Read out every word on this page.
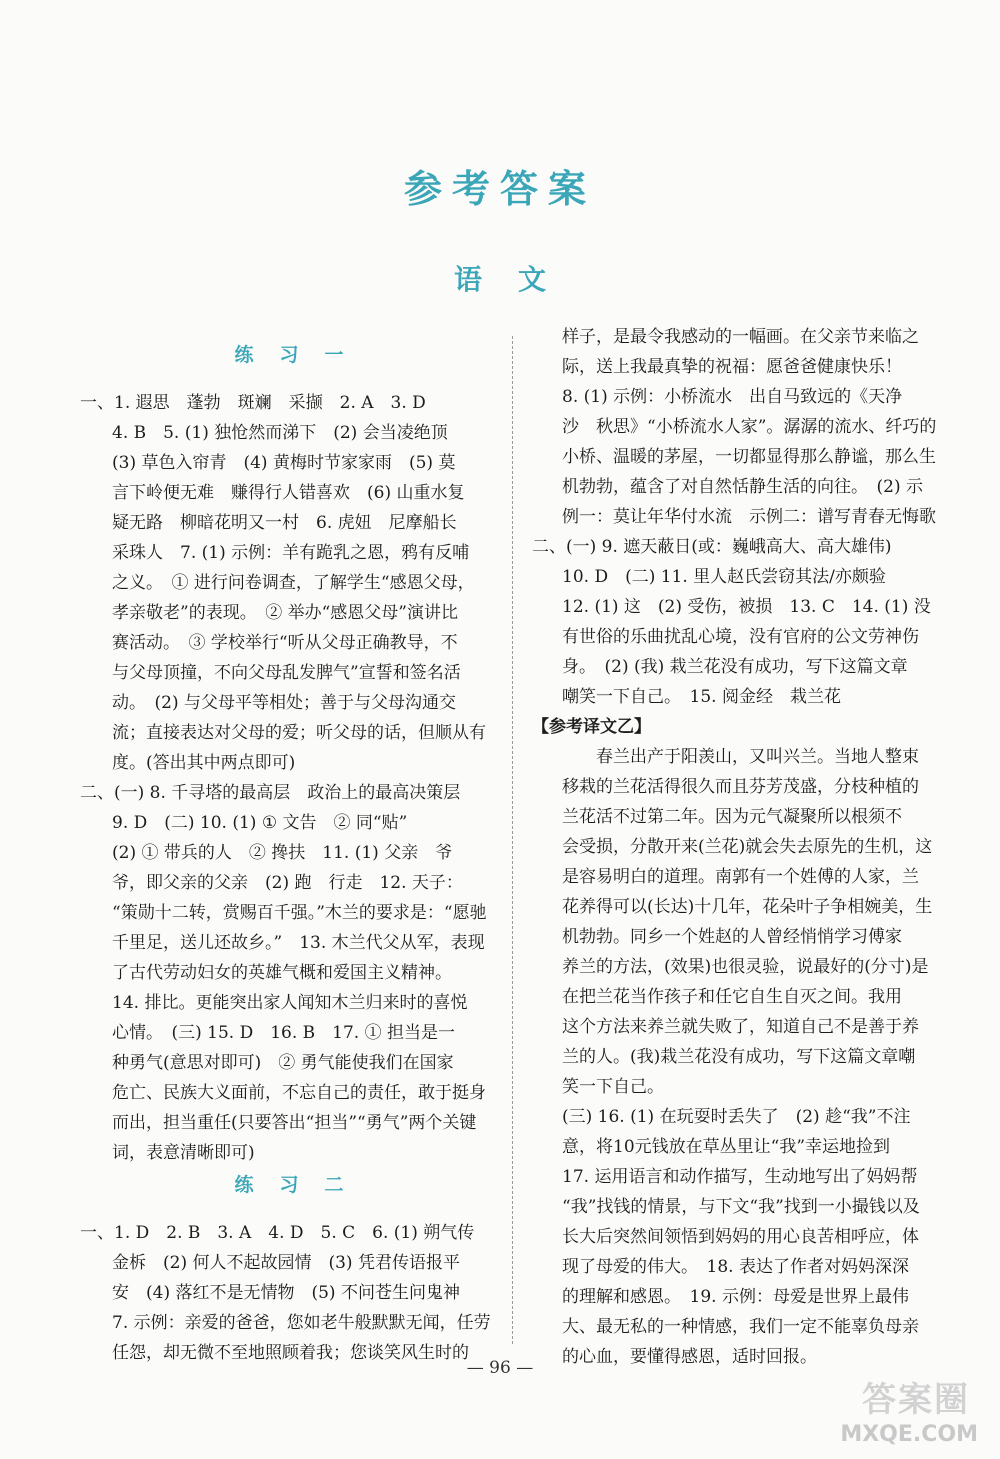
参考答案
语文
练习一
一、1. 遐思　蓬勃　斑斓　采撷　2. A　3. D
4. B　5. (1) 独怆然而涕下　(2) 会当凌绝顶
(3) 草色入帘青　(4) 黄梅时节家家雨　(5) 莫
言下岭便无难　赚得行人错喜欢　(6) 山重水复
疑无路　柳暗花明又一村　6. 虎妞　尼摩船长
采珠人　7. (1) 示例：羊有跪乳之恩，鸦有反哺
之义。　① 进行问卷调查，了解学生“感恩父母，
孝亲敬老”的表现。　② 举办“感恩父母”演讲比
赛活动。　③ 学校举行“听从父母正确教导，不
与父母顶撞，不向父母乱发脾气”宣誓和签名活
动。　(2) 与父母平等相处；善于与父母沟通交
流；直接表达对父母的爱；听父母的话，但顺从有
度。(答出其中两点即可)
二、(一) 8. 千寻塔的最高层　政治上的最高决策层
9. D　(二) 10. (1) ① 文告　② 同“贴”
(2) ① 带兵的人　② 搀扶　11. (1) 父亲　爷
爷，即父亲的父亲　(2) 跑　行走　12. 天子：
“策勋十二转，赏赐百千强。”木兰的要求是：“愿驰
千里足，送儿还故乡。”　13. 木兰代父从军，表现
了古代劳动妇女的英雄气概和爱国主义精神。
14. 排比。更能突出家人闻知木兰归来时的喜悦
心情。　(三) 15. D　16. B　17. ① 担当是一
种勇气(意思对即可)　② 勇气能使我们在国家
危亡、民族大义面前，不忘自己的责任，敢于挺身
而出，担当重任(只要答出“担当”“勇气”两个关键
词，表意清晰即可)
练习二
一、1. D　2. B　3. A　4. D　5. C　6. (1) 朔气传
金柝　(2) 何人不起故园情　(3) 凭君传语报平
安　(4) 落红不是无情物　(5) 不问苍生问鬼神
7. 示例：亲爱的爸爸，您如老牛般默默无闻，任劳
任怨，却无微不至地照顾着我；您谈笑风生时的
样子，是最令我感动的一幅画。在父亲节来临之
际，送上我最真挚的祝福：愿爸爸健康快乐！
8. (1) 示例：小桥流水　出自马致远的《天净
沙　秋思》“小桥流水人家”。潺潺的流水、纤巧的
小桥、温暖的茅屋，一切都显得那么静谧，那么生
机勃勃，蕴含了对自然恬静生活的向往。　(2) 示
例一：莫让年华付水流　示例二：谱写青春无悔歌
二、(一) 9. 遮天蔽日(或：巍峨高大、高大雄伟)
10. D　(二) 11. 里人赵氏尝窃其法/亦颇验
12. (1) 这　(2) 受伤，被损　13. C　14. (1) 没
有世俗的乐曲扰乱心境，没有官府的公文劳神伤
身。　(2) (我) 栽兰花没有成功，写下这篇文章
嘲笑一下自己。　15. 阅金经　栽兰花
【参考译文乙】
　　春兰出产于阳羡山，又叫兴兰。当地人整束
移栽的兰花活得很久而且芬芳茂盛，分枝种植的
兰花活不过第二年。因为元气凝聚所以根须不
会受损，分散开来(兰花)就会失去原先的生机，这
是容易明白的道理。南郭有一个姓傅的人家，兰
花养得可以(长达)十几年，花朵叶子争相婉美，生
机勃勃。同乡一个姓赵的人曾经悄悄学习傅家
养兰的方法，(效果)也很灵验，说最好的(分寸)是
在把兰花当作孩子和任它自生自灭之间。我用
这个方法来养兰就失败了，知道自己不是善于养
兰的人。(我)栽兰花没有成功，写下这篇文章嘲
笑一下自己。
(三) 16. (1) 在玩耍时丢失了　(2) 趁“我”不注
意，将10元钱放在草丛里让“我”幸运地捡到
17. 运用语言和动作描写，生动地写出了妈妈帮
“我”找钱的情景，与下文“我”找到一小撮钱以及
长大后突然间领悟到妈妈的用心良苦相呼应，体
现了母爱的伟大。　18. 表达了作者对妈妈深深
的理解和感恩。　19. 示例：母爱是世界上最伟
大、最无私的一种情感，我们一定不能辜负母亲
的心血，要懂得感恩，适时回报。
— 96 —
答案圈
MXQE.COM
